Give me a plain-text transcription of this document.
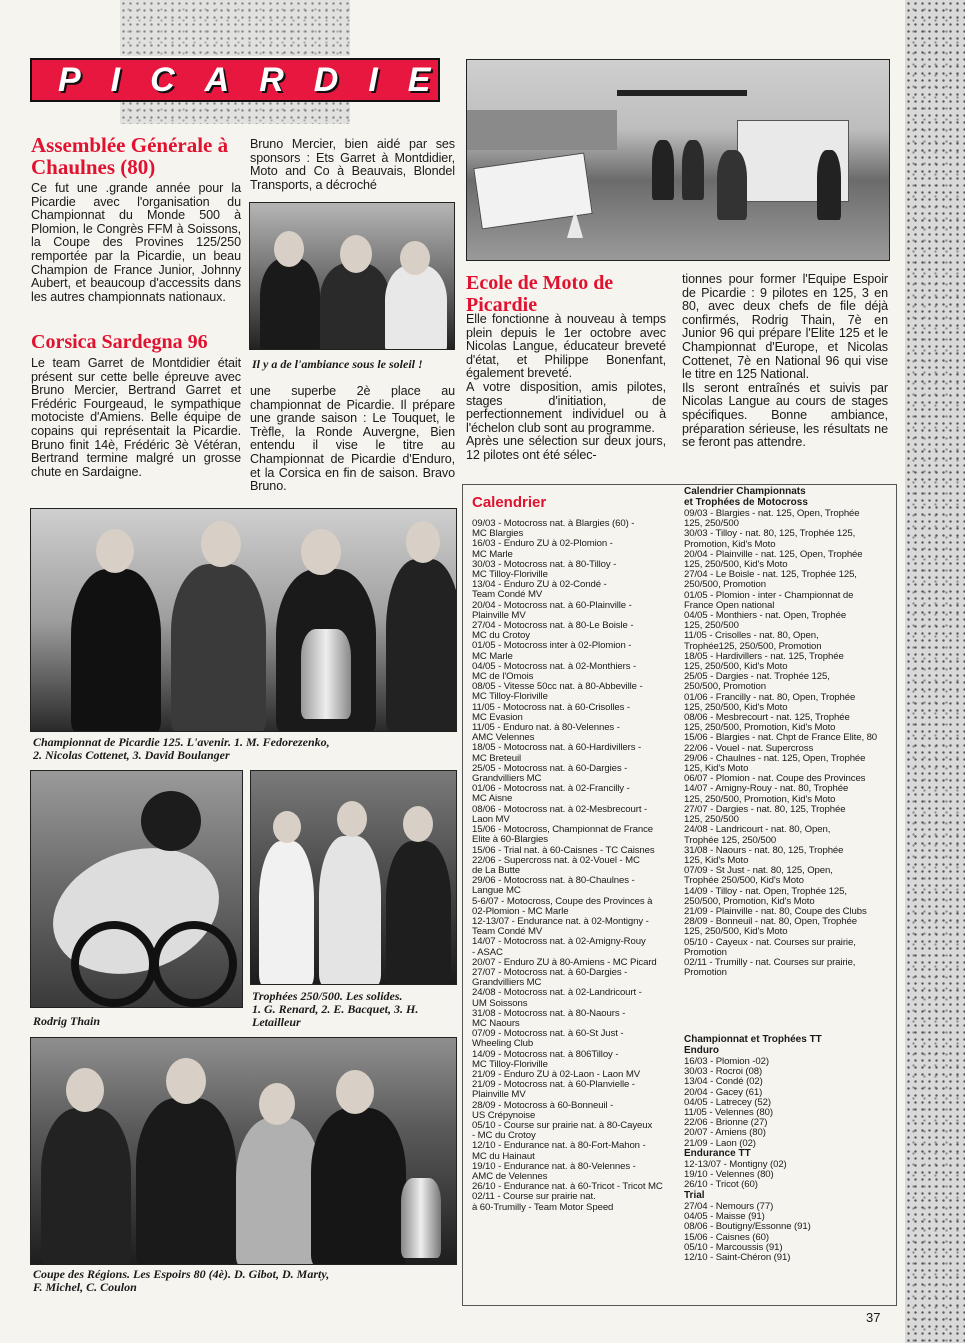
PICARDIE
Assemblée Générale à Chaulnes (80)
Ce fut une .grande année pour la Picardie avec l'organisation du Championnat du Monde 500 à Plomion, le Congrès FFM à Soissons, la Coupe des Provines 125/250 remportée par la Picardie, un beau Champion de France Junior, Johnny Aubert, et beaucoup d'accessits dans les autres championnats nationaux.
Corsica Sardegna 96
Le team Garret de Montdidier était présent sur cette belle épreuve avec Bruno Mercier, Bertrand Garret et Frédéric Fourgeaud, le sympathique motociste d'Amiens. Belle équipe de copains qui représentait la Picardie. Bruno finit 14è, Frédéric 3è Vétéran, Bertrand termine malgré un grosse chute en Sardaigne.
Bruno Mercier, bien aidé par ses sponsors : Ets Garret à Montdidier, Moto and Co à Beauvais, Blondel Transports, a décroché
Il y a de l'ambiance sous le soleil !
une superbe 2è place au championnat de Picardie. Il prépare une grande saison : Le Touquet, le Trèfle, la Ronde Auvergne, Bien entendu il vise le titre au Championnat de Picardie d'Enduro, et la Corsica en fin de saison. Bravo Bruno.
Ecole de Moto de Picardie
Elle fonctionne à nouveau à temps plein depuis le 1er octobre avec Nicolas Langue, éducateur breveté d'état, et Philippe Bonenfant, également breveté.
A votre disposition, amis pilotes, stages d'initiation, de perfectionnement individuel ou à l'échelon club sont au programme.
Après une sélection sur deux jours, 12 pilotes ont été sélec-
tionnes pour former l'Equipe Espoir de Picardie : 9 pilotes en 125, 3 en 80, avec deux chefs de file déjà confirmés, Rodrig Thain, 7è en Junior 96 qui prépare l'Elite 125 et le Championnat d'Europe, et Nicolas Cottenet, 7è en National 96 qui vise le titre en 125 National.
Ils seront entraînés et suivis par Nicolas Langue au cours de stages spécifiques. Bonne ambiance, préparation sérieuse, les résultats ne se feront pas attendre.
Championnat de Picardie 125. L'avenir. 1. M. Fedorezenko,
2. Nicolas Cottenet, 3. David Boulanger
Rodrig Thain
Trophées 250/500. Les solides.
1. G. Renard, 2. E. Bacquet, 3. H.
Letailleur
Coupe des Régions. Les Espoirs 80 (4è). D. Gibot, D. Marty,
F. Michel, C. Coulon
Calendrier
09/03 - Motocross nat. à Blargies (60) -
MC Blargies
16/03 - Enduro ZU à 02-Plomion -
MC Marle
30/03 - Motocross nat. à 80-Tilloy -
MC Tilloy-Floriville
13/04 - Enduro ZU à 02-Condé -
Team Condé MV
20/04 - Motocross nat. à 60-Plainville -
Plainville MV
27/04 - Motocross nat. à 80-Le Boisle -
MC du Crotoy
01/05 - Motocross inter à 02-Plomion -
MC Marle
04/05 - Motocross nat. à 02-Monthiers -
MC de l'Omois
08/05 - Vitesse 50cc nat. à 80-Abbeville -
MC Tilloy-Floriville
11/05 - Motocross nat. à 60-Crisolles -
MC Evasion
11/05 - Enduro nat. à 80-Velennes -
AMC Velennes
18/05 - Motocross nat. à 60-Hardivillers -
MC Breteuil
25/05 - Motocross nat. à 60-Dargies -
Grandvilliers MC
01/06 - Motocross nat. à 02-Francilly -
MC Aisne
08/06 - Motocross nat. à 02-Mesbrecourt -
Laon MV
15/06 - Motocross, Championnat de France
Elite à 60-Blargies
15/06 - Trial nat. à 60-Caisnes - TC Caisnes
22/06 - Supercross nat. à 02-Vouel - MC
de La Butte
29/06 - Motocross nat. à 80-Chaulnes -
Langue MC
5-6/07 - Motocross, Coupe des Provinces à
02-Plomion - MC Marle
12-13/07 - Endurance nat. à 02-Montigny -
Team Condé MV
14/07 - Motocross nat. à 02-Amigny-Rouy
- ASAC
20/07 - Enduro ZU à 80-Amiens - MC Picard
27/07 - Motocross nat. à 60-Dargies -
Grandvilliers MC
24/08 - Motocross nat. à 02-Landricourt -
UM Soissons
31/08 - Motocross nat. à 80-Naours -
MC Naours
07/09 - Motocross nat. à 60-St Just -
Wheeling Club
14/09 - Motocross nat. à 806Tilloy -
MC Tilloy-Floriville
21/09 - Enduro ZU à 02-Laon - Laon MV
21/09 - Motocross nat. à 60-Planvielle -
Plainville MV
28/09 - Motocross à 60-Bonneuil -
US Crépynoise
05/10 - Course sur prairie nat. à 80-Cayeux
- MC du Crotoy
12/10 - Endurance nat. à 80-Fort-Mahon -
MC du Hainaut
19/10 - Endurance nat. à 80-Velennes -
AMC de Velennes
26/10 - Endurance nat. à 60-Tricot - Tricot MC
02/11 - Course sur prairie nat.
à 60-Trumilly - Team Motor Speed
Calendrier Championnats
et Trophées de Motocross
09/03 - Blargies - nat. 125, Open, Trophée
125, 250/500
30/03 - Tilloy - nat. 80, 125, Trophée 125,
Promotion, Kid's Moto
20/04 - Plainville - nat. 125, Open, Trophée
125, 250/500, Kid's Moto
27/04 - Le Boisle - nat. 125, Trophée 125,
250/500, Promotion
01/05 - Plomion - inter - Championnat de
France Open national
04/05 - Monthiers - nat. Open, Trophée
125, 250/500
11/05 - Crisolles - nat. 80, Open,
Trophée125, 250/500, Promotion
18/05 - Hardivillers - nat. 125, Trophée
125, 250/500, Kid's Moto
25/05 - Dargies - nat. Trophée 125,
250/500, Promotion
01/06 - Francilly - nat. 80, Open, Trophée
125, 250/500, Kid's Moto
08/06 - Mesbrecourt - nat. 125, Trophée
125, 250/500, Promotion, Kid's Moto
15/06 - Blargies - nat. Chpt de France Elite, 80
22/06 - Vouel - nat. Supercross
29/06 - Chaulnes - nat. 125, Open, Trophée
125, Kid's Moto
06/07 - Plomion - nat. Coupe des Provinces
14/07 - Amigny-Rouy - nat. 80, Trophée
125, 250/500, Promotion, Kid's Moto
27/07 - Dargies - nat. 80, 125, Trophée
125, 250/500
24/08 - Landricourt - nat. 80, Open,
Trophée 125, 250/500
31/08 - Naours - nat. 80, 125, Trophée
125, Kid's Moto
07/09 - St Just - nat. 80, 125, Open,
Trophée 250/500, Kid's Moto
14/09 - Tilloy - nat. Open, Trophée 125,
250/500, Promotion, Kid's Moto
21/09 - Plainville - nat. 80, Coupe des Clubs
28/09 - Bonneuil - nat. 80, Open, Trophée
125, 250/500, Kid's Moto
05/10 - Cayeux - nat. Courses sur prairie,
Promotion
02/11 - Trumilly - nat. Courses sur prairie,
Promotion
Championnat et Trophées TT
Enduro
16/03 - Plomion -02)
30/03 - Rocroi (08)
13/04 - Condé (02)
20/04 - Gacey (61)
04/05 - Latrecey (52)
11/05 - Velennes (80)
22/06 - Brionne (27)
20/07 - Amiens (80)
21/09 - Laon (02)
Endurance TT
12-13/07 - Montigny (02)
19/10 - Velennes (80)
26/10 - Tricot (60)
Trial
27/04 - Nemours (77)
04/05 - Maisse (91)
08/06 - Boutigny/Essonne (91)
15/06 - Caisnes (60)
05/10 - Marcoussis (91)
12/10 - Saint-Chéron (91)
37
